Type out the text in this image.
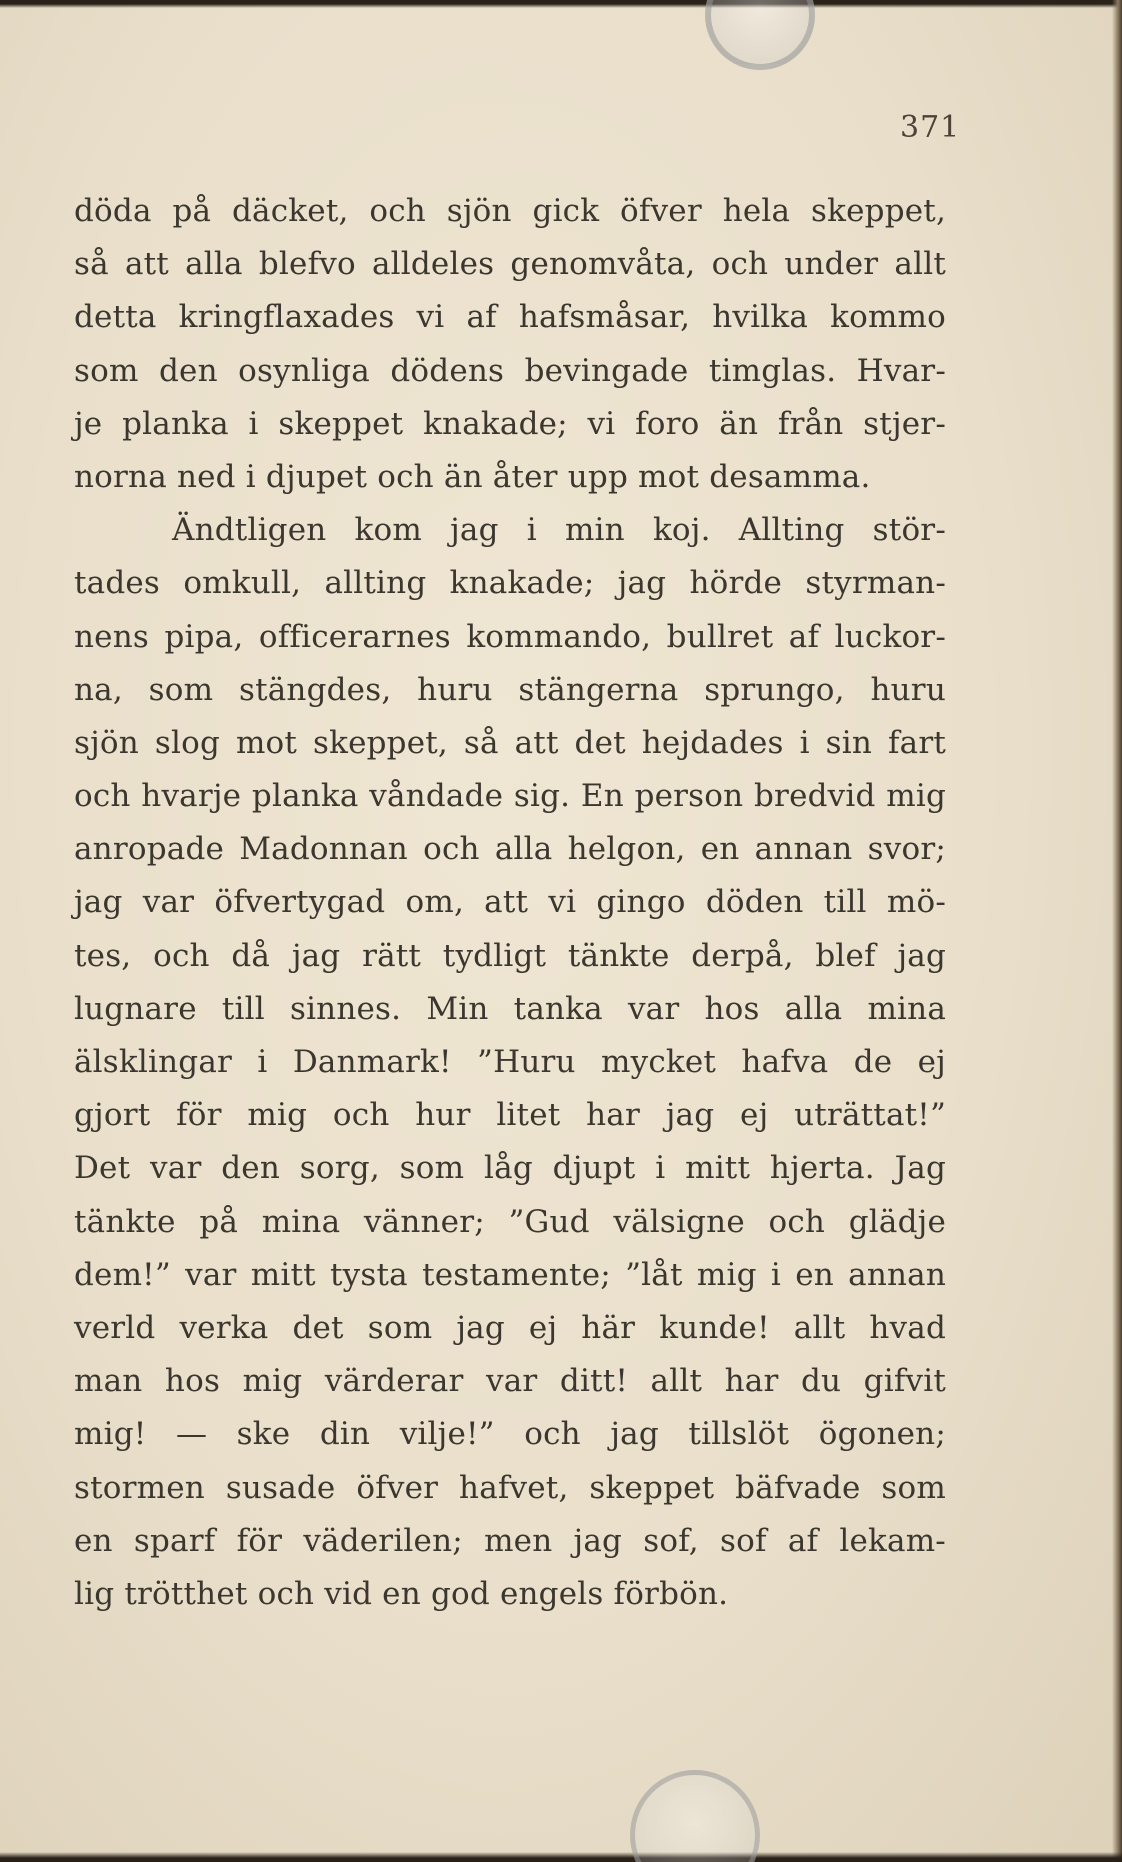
371
döda på däcket, och sjön gick öfver hela skeppet,
så att alla blefvo alldeles genomvåta, och under allt
detta kringflaxades vi af hafsmåsar, hvilka kommo
som den osynliga dödens bevingade timglas. Hvar-
je planka i skeppet knakade; vi foro än från stjer-
norna ned i djupet och än åter upp mot desamma.
Ändtligen kom jag i min koj. Allting stör-
tades omkull, allting knakade; jag hörde styrman-
nens pipa, officerarnes kommando, bullret af luckor-
na, som stängdes, huru stängerna sprungo, huru
sjön slog mot skeppet, så att det hejdades i sin fart
och hvarje planka våndade sig. En person bredvid mig
anropade Madonnan och alla helgon, en annan svor;
jag var öfvertygad om, att vi gingo döden till mö-
tes, och då jag rätt tydligt tänkte derpå, blef jag
lugnare till sinnes. Min tanka var hos alla mina
älsklingar i Danmark! ”Huru mycket hafva de ej
gjort för mig och hur litet har jag ej uträttat!”
Det var den sorg, som låg djupt i mitt hjerta. Jag
tänkte på mina vänner; ”Gud välsigne och glädje
dem!” var mitt tysta testamente; ”låt mig i en annan
verld verka det som jag ej här kunde! allt hvad
man hos mig värderar var ditt! allt har du gifvit
mig! — ske din vilje!” och jag tillslöt ögonen;
stormen susade öfver hafvet, skeppet bäfvade som
en sparf för väderilen; men jag sof, sof af lekam-
lig trötthet och vid en god engels förbön.
